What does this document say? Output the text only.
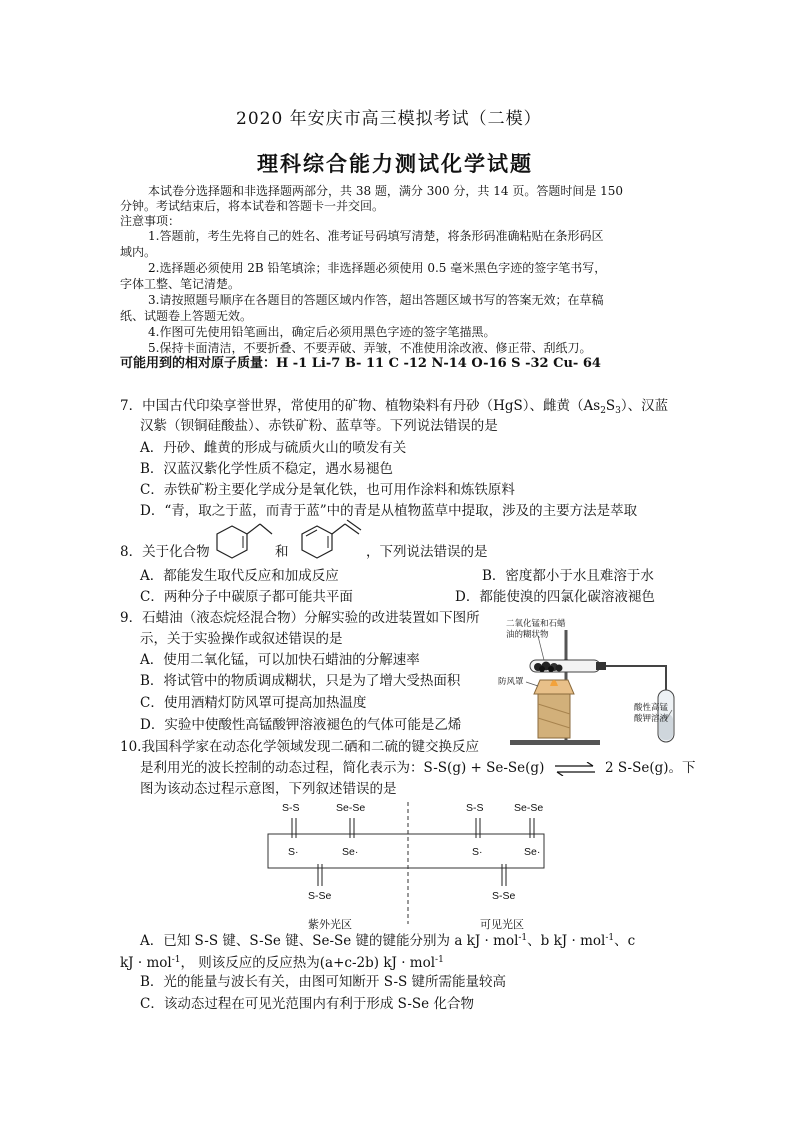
2020 年安庆市高三模拟考试（二模）
理科综合能力测试化学试题
本试卷分选择题和非选择题两部分，共 38 题，满分 300 分，共 14 页。答题时间是 150
分钟。考试结束后，将本试卷和答题卡一并交回。
注意事项：
1.答题前，考生先将自己的姓名、准考证号码填写清楚，将条形码准确粘贴在条形码区
域内。
2.选择题必须使用 2B 铅笔填涂；非选择题必须使用 0.5 毫米黑色字迹的签字笔书写，
字体工整、笔记清楚。
3.请按照题号顺序在各题目的答题区域内作答，超出答题区域书写的答案无效；在草稿
纸、试题卷上答题无效。
4.作图可先使用铅笔画出，确定后必须用黑色字迹的签字笔描黑。
5.保持卡面清洁，不要折叠、不要弄破、弄皱，不准使用涂改液、修正带、刮纸刀。
可能用到的相对原子质量：H -1 Li-7 B- 11 C -12 N-14 O-16 S -32 Cu- 64
7．中国古代印染享誉世界，常使用的矿物、植物染料有丹砂（HgS）、雌黄$(As_2S_3)$、汉蓝
汉紫（钡铜硅酸盐）、赤铁矿粉、蓝草等。下列说法错误的是
A．丹砂、雌黄的形成与硫质火山的喷发有关
B．汉蓝汉紫化学性质不稳定，遇水易褪色
C．赤铁矿粉主要化学成分是氧化铁，也可用作涂料和炼铁原料
D．“青，取之于蓝，而青于蓝”中的青是从植物蓝草中提取，涉及的主要方法是萃取
8．关于化合物	和	，下列说法错误的是
A．都能发生取代反应和加成反应	B．密度都小于水且难溶于水
C．两种分子中碳原子都可能共平面	D．都能使溴的四氯化碳溶液褪色
9．石蜡油（液态烷烃混合物）分解实验的改进装置如下图所
示，关于实验操作或叙述错误的是
A．使用二氧化锰，可以加快石蜡油的分解速率
B．将试管中的物质调成糊状，只是为了增大受热面积
C．使用酒精灯防风罩可提高加热温度
D．实验中使酸性高锰酸钾溶液褪色的气体可能是乙烯
二氧化锰和石蜡
油的糊状物
防风罩
酸性高锰
酸钾溶液
10.我国科学家在动态化学领域发现二硒和二硫的键交换反应
是利用光的波长控制的动态过程，简化表示为：S-S(g) + Se-Se(g) ⇌ 2 S-Se(g)。下
图为该动态过程示意图，下列叙述错误的是
S-S	Se-Se
S·	Se·
S-Se
S-S	Se-Se
S·	Se·
S-Se
紫外光区	可见光区
A．已知 S-S 键、S-Se 键、Se-Se 键的键能分别为 a kJ · mol$^{-1}$、b kJ · mol$^{-1}$、c
kJ · mol$^{-1}$， 则该反应的反应热为(a+c-2b) kJ · mol$^{-1}$
B．光的能量与波长有关，由图可知断开 S-S 键所需能量较高
C．该动态过程在可见光范围内有利于形成 S-Se 化合物
